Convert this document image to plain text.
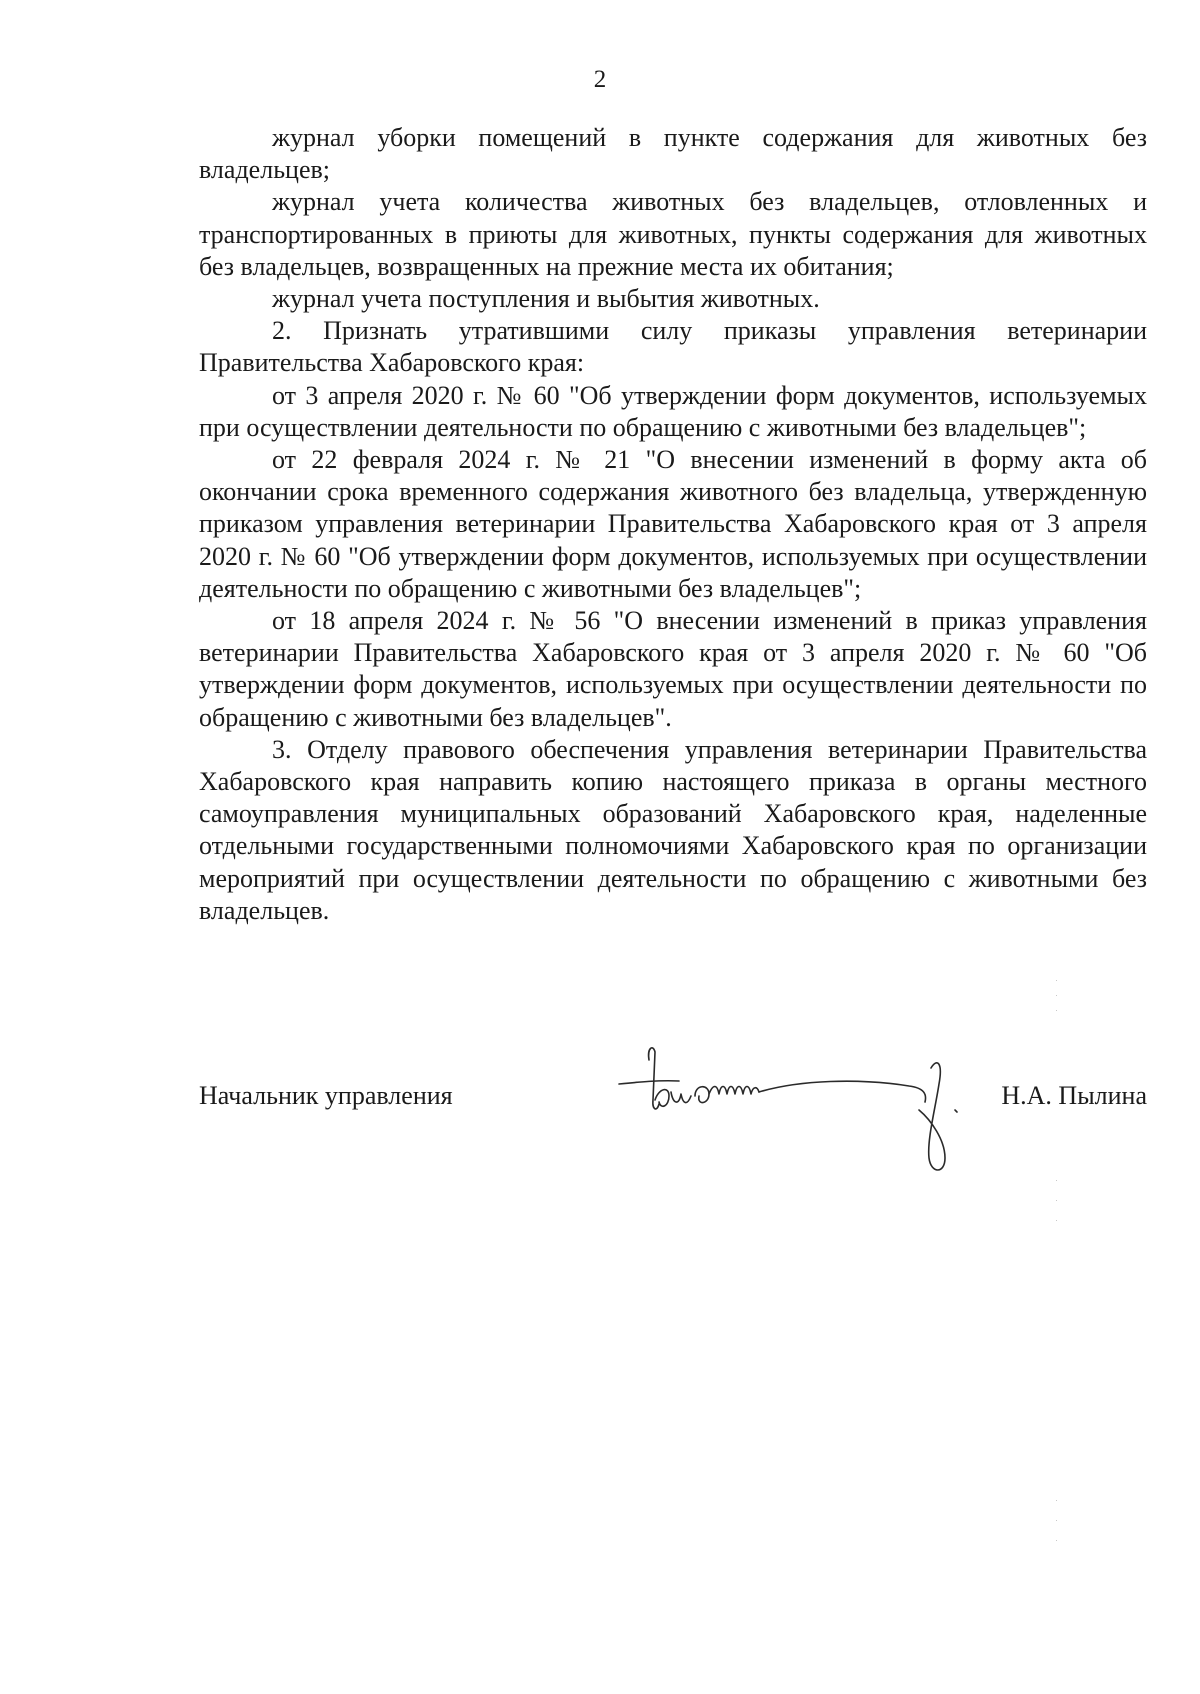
2

журнал уборки помещений в пункте содержания для животных без владельцев;

журнал учета количества животных без владельцев, отловленных и транспортированных в приюты для животных, пункты содержания для животных без владельцев, возвращенных на прежние места их обитания;

журнал учета поступления и выбытия животных.

2. Признать утратившими силу приказы управления ветеринарии Правительства Хабаровского края:

от 3 апреля 2020 г. № 60 "Об утверждении форм документов, используемых при осуществлении деятельности по обращению с животными без владельцев";

от 22 февраля 2024 г. № 21 "О внесении изменений в форму акта об окончании срока временного содержания животного без владельца, утвержденную приказом управления ветеринарии Правительства Хабаровского края от 3 апреля 2020 г. № 60 "Об утверждении форм документов, используемых при осуществлении деятельности по обращению с животными без владельцев";

от 18 апреля 2024 г. № 56 "О внесении изменений в приказ управления ветеринарии Правительства Хабаровского края от 3 апреля 2020 г. № 60 "Об утверждении форм документов, используемых при осуществлении деятельности по обращению с животными без владельцев".

3. Отделу правового обеспечения управления ветеринарии Правительства Хабаровского края направить копию настоящего приказа в органы местного самоуправления муниципальных образований Хабаровского края, наделенные отдельными государственными полномочиями Хабаровского края по организации мероприятий при осуществлении деятельности по обращению с животными без владельцев.

Начальник управления	Н.А. Пылина
